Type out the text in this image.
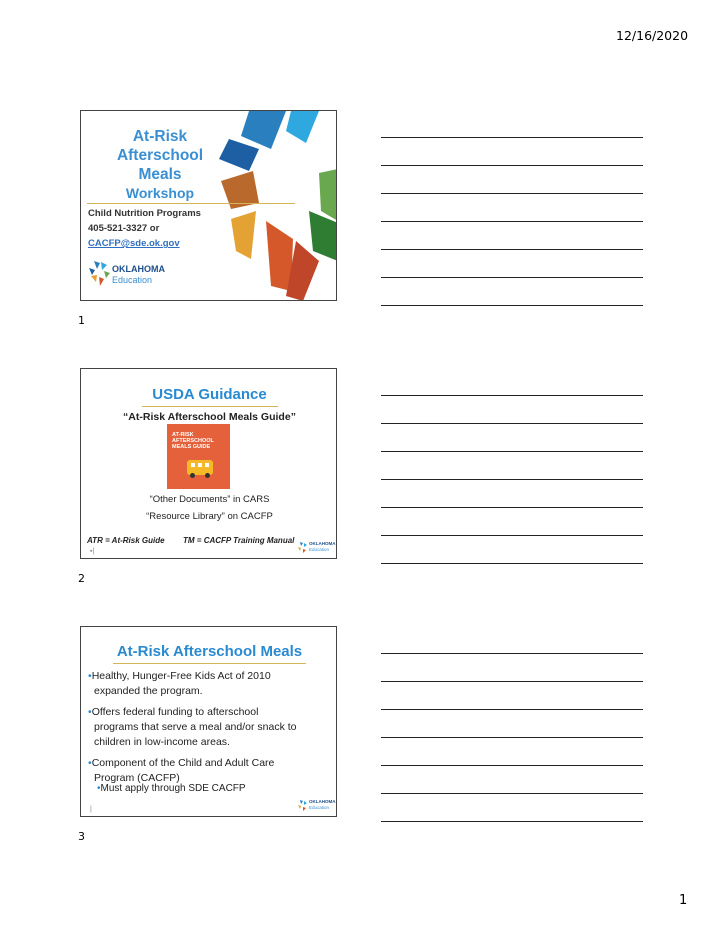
12/16/2020
At-Risk
Afterschool
Meals
Workshop
Child Nutrition Programs
405-521-3327 or
CACFP@sde.ok.gov
OKLAHOMA
Education
1
USDA Guidance
“At-Risk Afterschool Meals Guide”
AT-RISK
AFTERSCHOOL
MEALS GUIDE
“Other Documents” in CARS
“Resource Library” on CACFP
ATR = At-Risk Guide TM = CACFP Training Manual
▪|
OKLAHOMA
Education
2
At-Risk Afterschool Meals
•Healthy, Hunger-Free Kids Act of 2010
expanded the program.
•Offers federal funding to afterschool
programs that serve a meal and/or snack to
children in low-income areas.
•Component of the Child and Adult Care
Program (CACFP)
•Must apply through SDE CACFP
|
OKLAHOMA
Education
3
1
